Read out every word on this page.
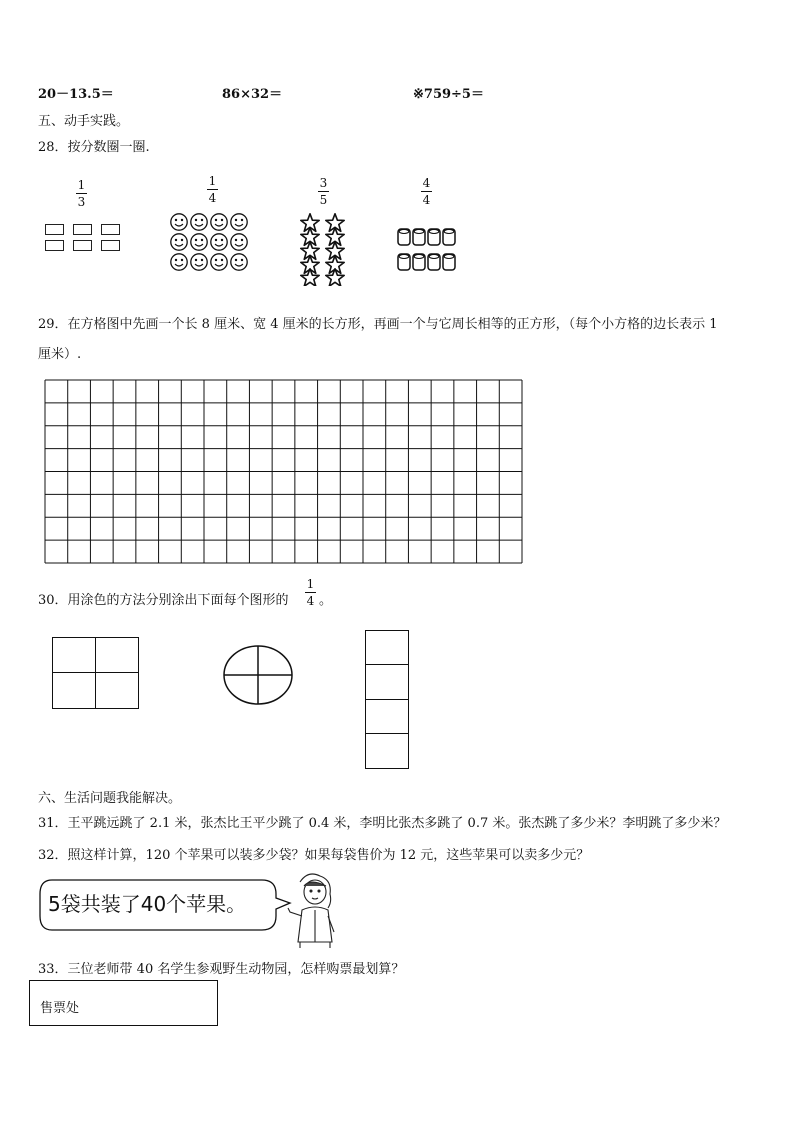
20－13.5＝	86×32＝	※759÷5＝
五、动手实践。
28．按分数圈一圈.
1
3
1
4
3
5
4
4
29．在方格图中先画一个长 8 厘米、宽 4 厘米的长方形，再画一个与它周长相等的正方形，（每个小方格的边长表示 1
厘米）.
30．用涂色的方法分别涂出下面每个图形的
1
4 。
六、生活问题我能解决。
31．王平跳远跳了 2.1 米，张杰比王平少跳了 0.4 米，李明比张杰多跳了 0.7 米。张杰跳了多少米？李明跳了多少米？
32．照这样计算，120 个苹果可以装多少袋？如果每袋售价为 12 元，这些苹果可以卖多少元？
5袋共装了40个苹果。
33．三位老师带 40 名学生参观野生动物园，怎样购票最划算？
售票处
